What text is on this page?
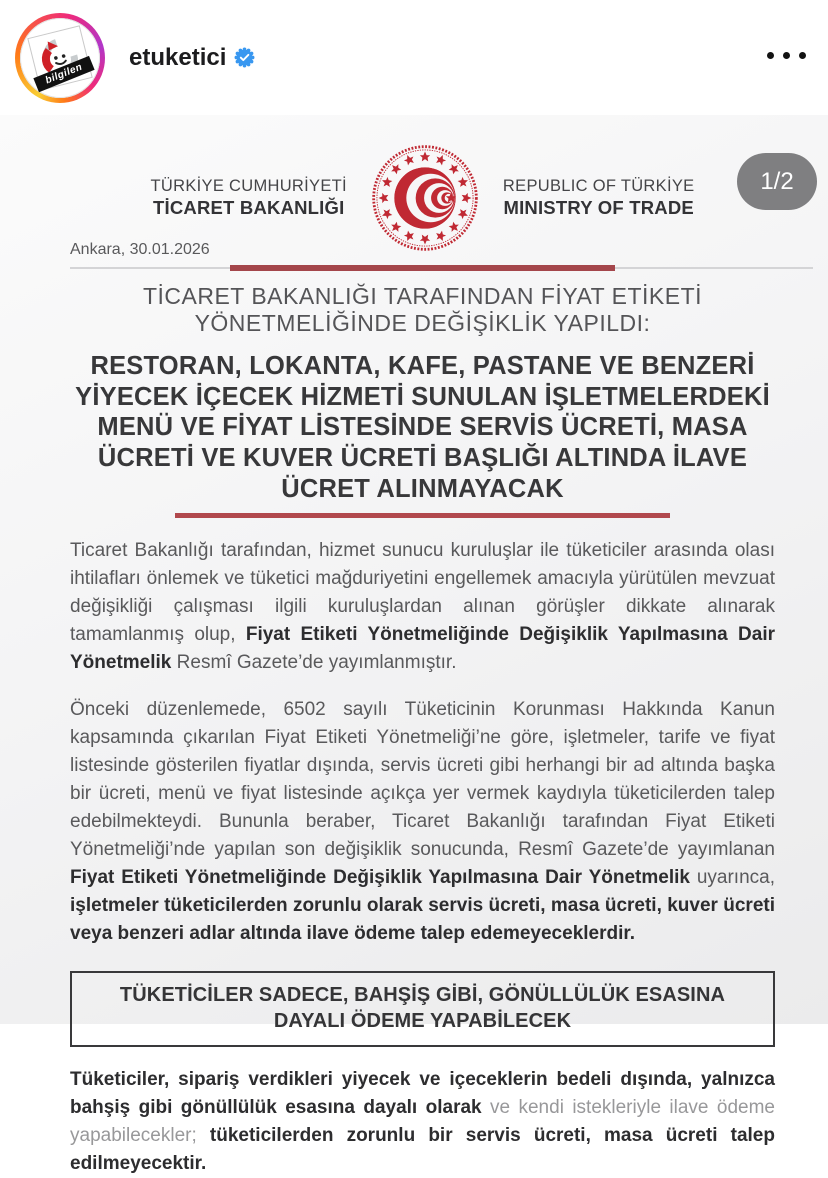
bilgilen
etuketici
1/2
TÜRKİYE CUMHURİYETİ
TİCARET BAKANLIĞI
REPUBLIC OF TÜRKİYE
MINISTRY OF TRADE
Ankara, 30.01.2026
TİCARET BAKANLIĞI TARAFINDAN FİYAT ETİKETİ YÖNETMELİĞİNDE DEĞİŞİKLİK YAPILDI:
RESTORAN, LOKANTA, KAFE, PASTANE VE BENZERİ YİYECEK İÇECEK HİZMETİ SUNULAN İŞLETMELERDEKİ MENÜ VE FİYAT LİSTESİNDE SERVİS ÜCRETİ, MASA ÜCRETİ VE KUVER ÜCRETİ BAŞLIĞI ALTINDA İLAVE ÜCRET ALINMAYACAK

Ticaret Bakanlığı tarafından, hizmet sunucu kuruluşlar ile tüketiciler arasında olası ihtilafları önlemek ve tüketici mağduriyetini engellemek amacıyla yürütülen mevzuat değişikliği çalışması ilgili kuruluşlardan alınan görüşler dikkate alınarak tamamlanmış olup, Fiyat Etiketi Yönetmeliğinde Değişiklik Yapılmasına Dair Yönetmelik Resmî Gazete’de yayımlanmıştır.

Önceki düzenlemede, 6502 sayılı Tüketicinin Korunması Hakkında Kanun kapsamında çıkarılan Fiyat Etiketi Yönetmeliği’ne göre, işletmeler, tarife ve fiyat listesinde gösterilen fiyatlar dışında, servis ücreti gibi herhangi bir ad altında başka bir ücreti, menü ve fiyat listesinde açıkça yer vermek kaydıyla tüketicilerden talep edebilmekteydi. Bununla beraber, Ticaret Bakanlığı tarafından Fiyat Etiketi Yönetmeliği’nde yapılan son değişiklik sonucunda, Resmî Gazete’de yayımlanan Fiyat Etiketi Yönetmeliğinde Değişiklik Yapılmasına Dair Yönetmelik uyarınca, işletmeler tüketicilerden zorunlu olarak servis ücreti, masa ücreti, kuver ücreti veya benzeri adlar altında ilave ödeme talep edemeyeceklerdir.

TÜKETİCİLER SADECE, BAHŞİŞ GİBİ, GÖNÜLLÜLÜK ESASINA DAYALI ÖDEME YAPABİLECEK

Tüketiciler, sipariş verdikleri yiyecek ve içeceklerin bedeli dışında, yalnızca bahşiş gibi gönüllülük esasına dayalı olarak ve kendi istekleriyle ilave ödeme yapabilecekler; tüketicilerden zorunlu bir servis ücreti, masa ücreti talep edilmeyecektir.
